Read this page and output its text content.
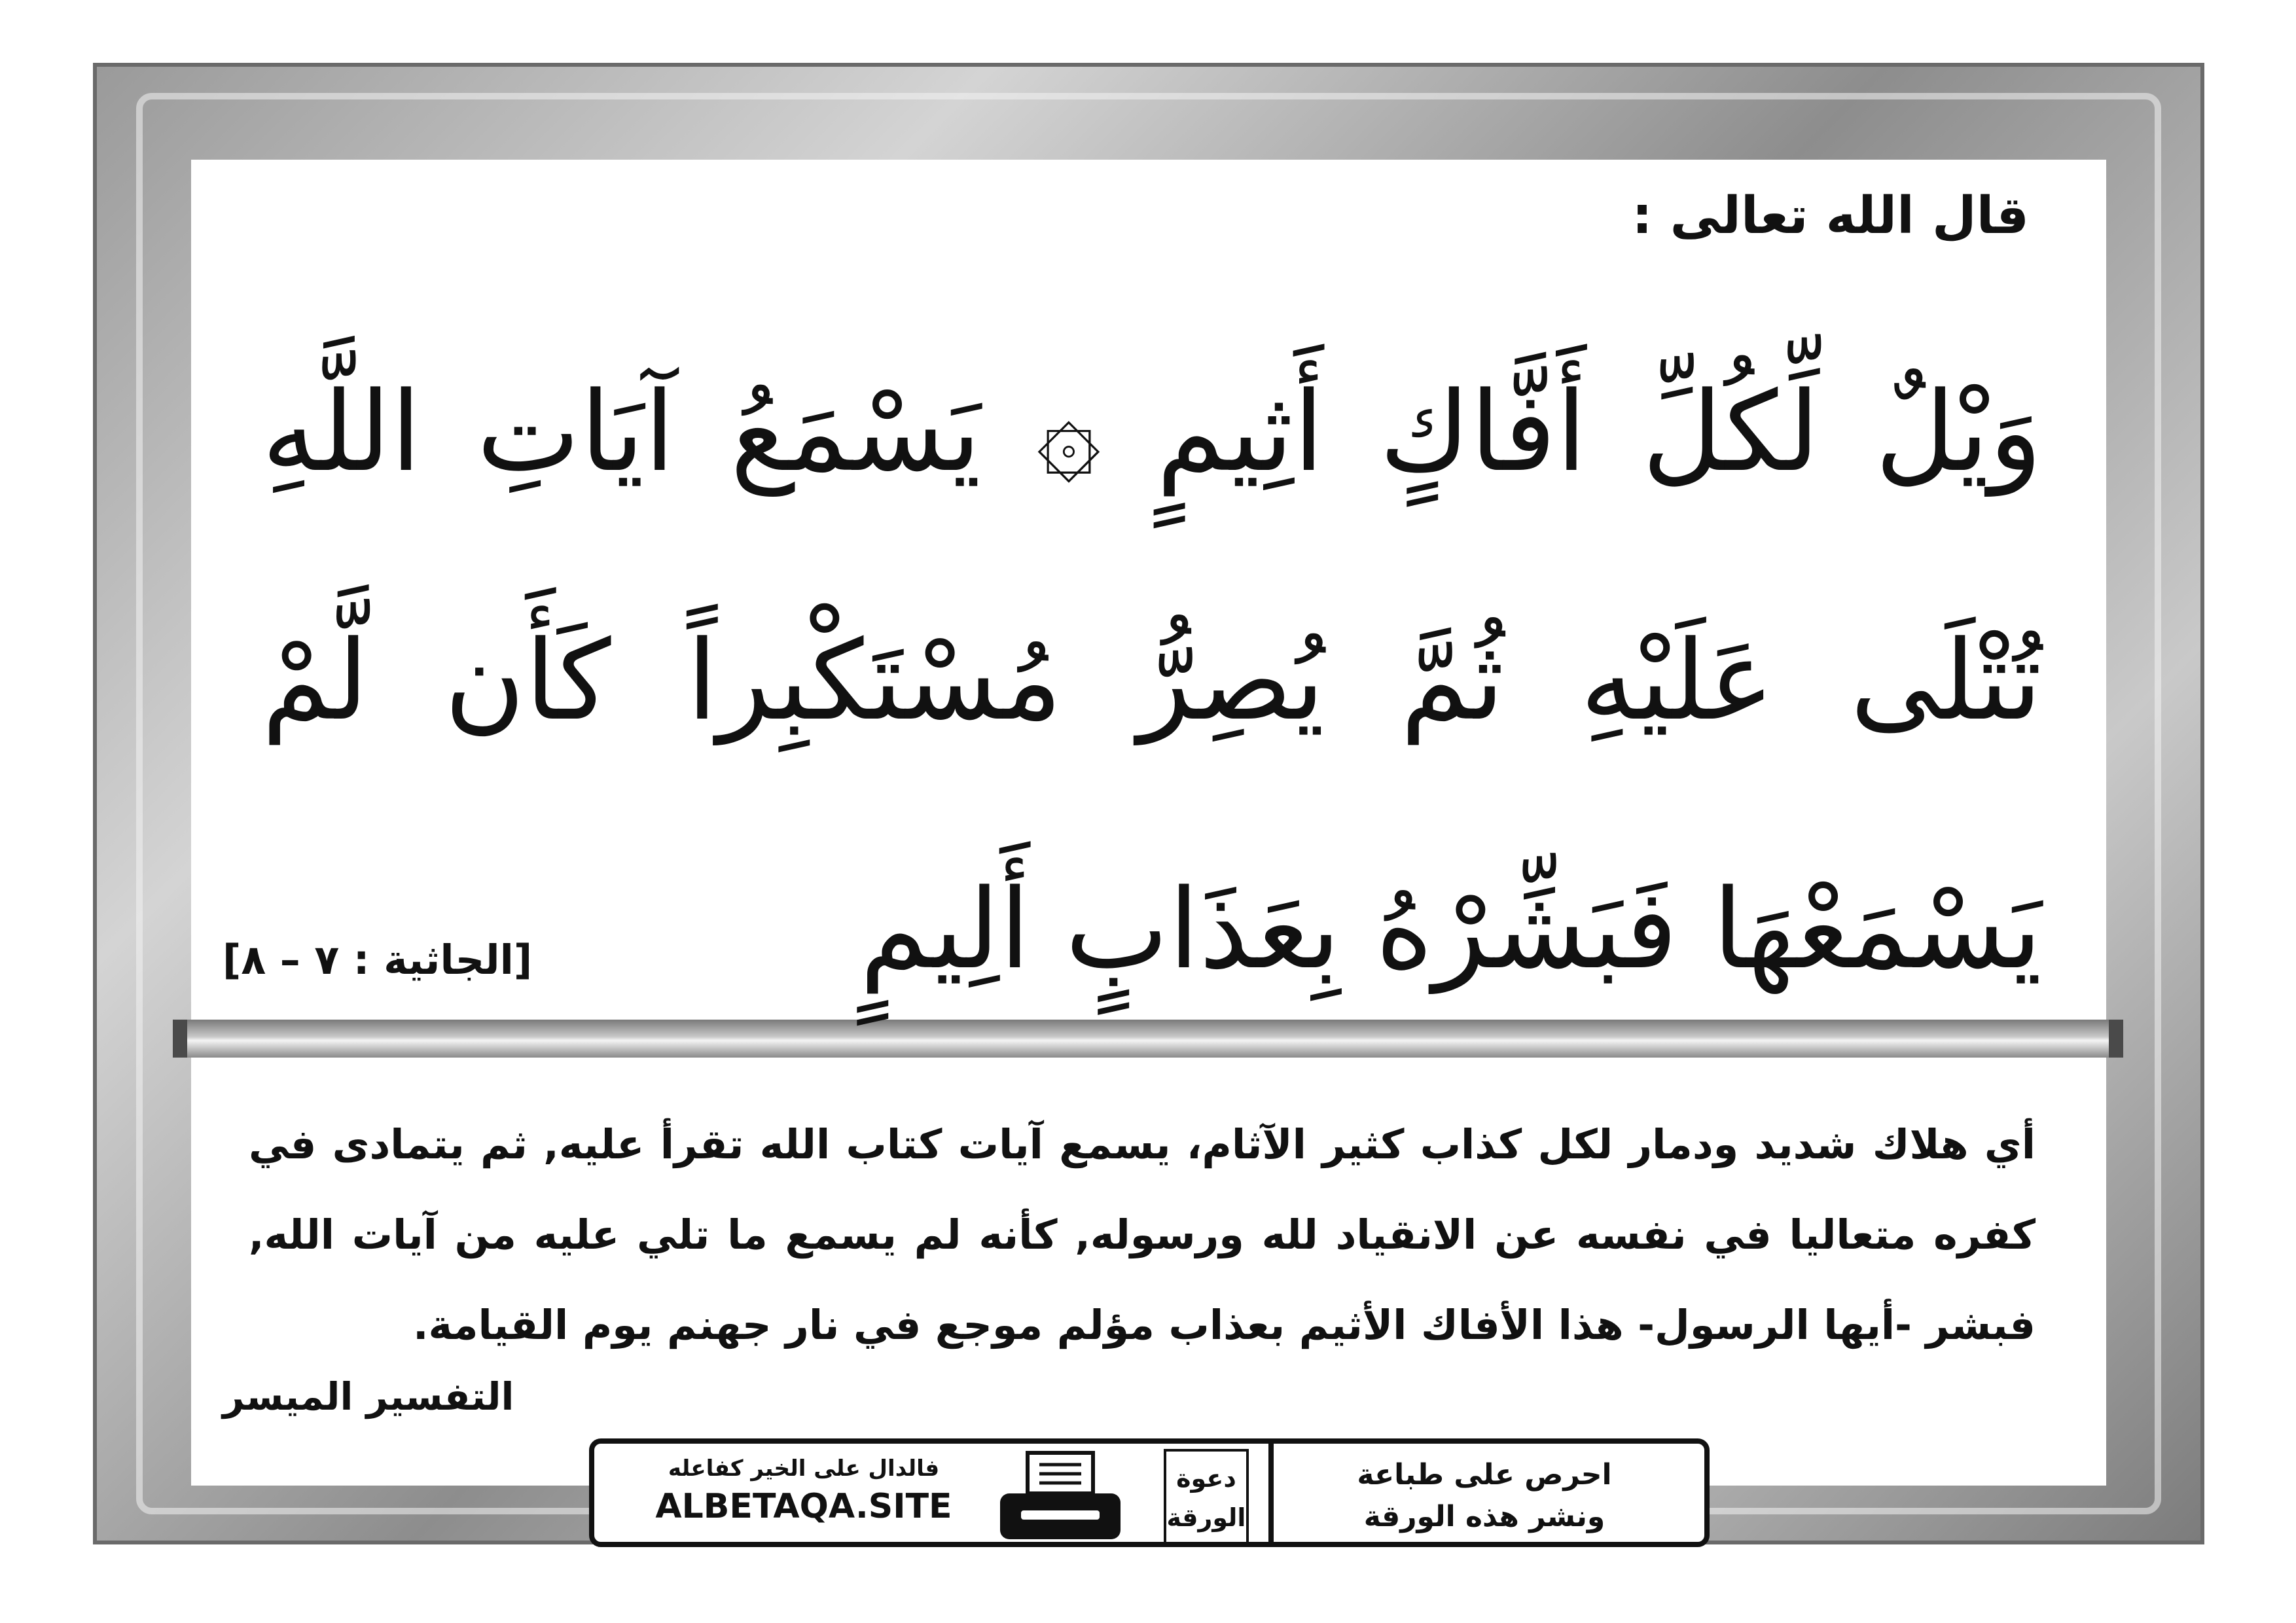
قال الله تعالى :
وَيْلٌ لِّكُلِّ أَفَّاكٍ أَثِيمٍ ۞ يَسْمَعُ آيَاتِ اللَّهِ تُتْلَى عَلَيْهِ ثُمَّ يُصِرُّ مُسْتَكْبِراً كَأَن لَّمْ يَسْمَعْهَا فَبَشِّرْهُ بِعَذَابٍ أَلِيمٍ
[الجاثية : ٧ – ٨]
أي هلاك شديد ودمار لكل كذاب كثير الآثام، يسمع آيات كتاب الله تقرأ عليه, ثم يتمادى في كفره متعاليا في نفسه عن الانقياد لله ورسوله, كأنه لم يسمع ما تلي عليه من آيات الله, فبشر -أيها الرسول- هذا الأفاك الأثيم بعذاب مؤلم موجع في نار جهنم يوم القيامة.
التفسير الميسر
فالدال على الخير كفاعله
ALBETAQA.SITE
دعوة
الورقة
احرص على طباعة
ونشر هذه الورقة
